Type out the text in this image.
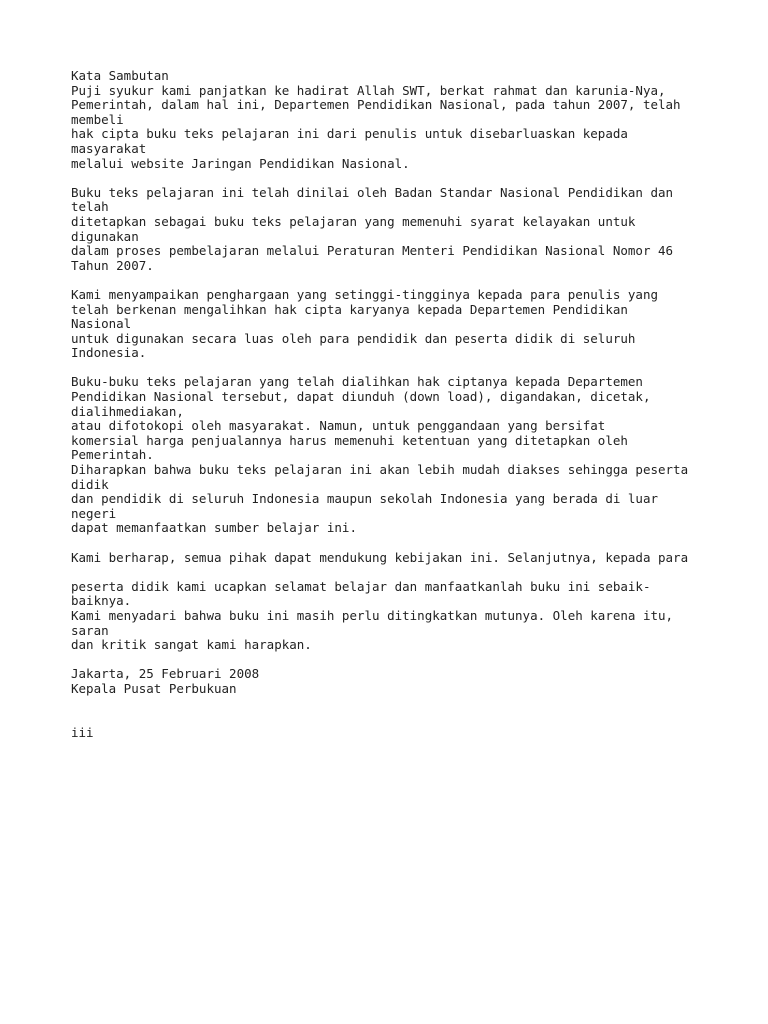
Kata Sambutan
Puji syukur kami panjatkan ke hadirat Allah SWT, berkat rahmat dan karunia-Nya,
Pemerintah, dalam hal ini, Departemen Pendidikan Nasional, pada tahun 2007, telah
membeli
hak cipta buku teks pelajaran ini dari penulis untuk disebarluaskan kepada
masyarakat
melalui website Jaringan Pendidikan Nasional.
Buku teks pelajaran ini telah dinilai oleh Badan Standar Nasional Pendidikan dan
telah
ditetapkan sebagai buku teks pelajaran yang memenuhi syarat kelayakan untuk
digunakan
dalam proses pembelajaran melalui Peraturan Menteri Pendidikan Nasional Nomor 46
Tahun 2007.
Kami menyampaikan penghargaan yang setinggi-tingginya kepada para penulis yang
telah berkenan mengalihkan hak cipta karyanya kepada Departemen Pendidikan
Nasional
untuk digunakan secara luas oleh para pendidik dan peserta didik di seluruh
Indonesia.
Buku-buku teks pelajaran yang telah dialihkan hak ciptanya kepada Departemen
Pendidikan Nasional tersebut, dapat diunduh (down load), digandakan, dicetak,
dialihmediakan,
atau difotokopi oleh masyarakat. Namun, untuk penggandaan yang bersifat
komersial harga penjualannya harus memenuhi ketentuan yang ditetapkan oleh
Pemerintah.
Diharapkan bahwa buku teks pelajaran ini akan lebih mudah diakses sehingga peserta
didik
dan pendidik di seluruh Indonesia maupun sekolah Indonesia yang berada di luar
negeri
dapat memanfaatkan sumber belajar ini.
Kami berharap, semua pihak dapat mendukung kebijakan ini. Selanjutnya, kepada para
peserta didik kami ucapkan selamat belajar dan manfaatkanlah buku ini sebaik-
baiknya.
Kami menyadari bahwa buku ini masih perlu ditingkatkan mutunya. Oleh karena itu,
saran
dan kritik sangat kami harapkan.
Jakarta, 25 Februari 2008
Kepala Pusat Perbukuan
iii
